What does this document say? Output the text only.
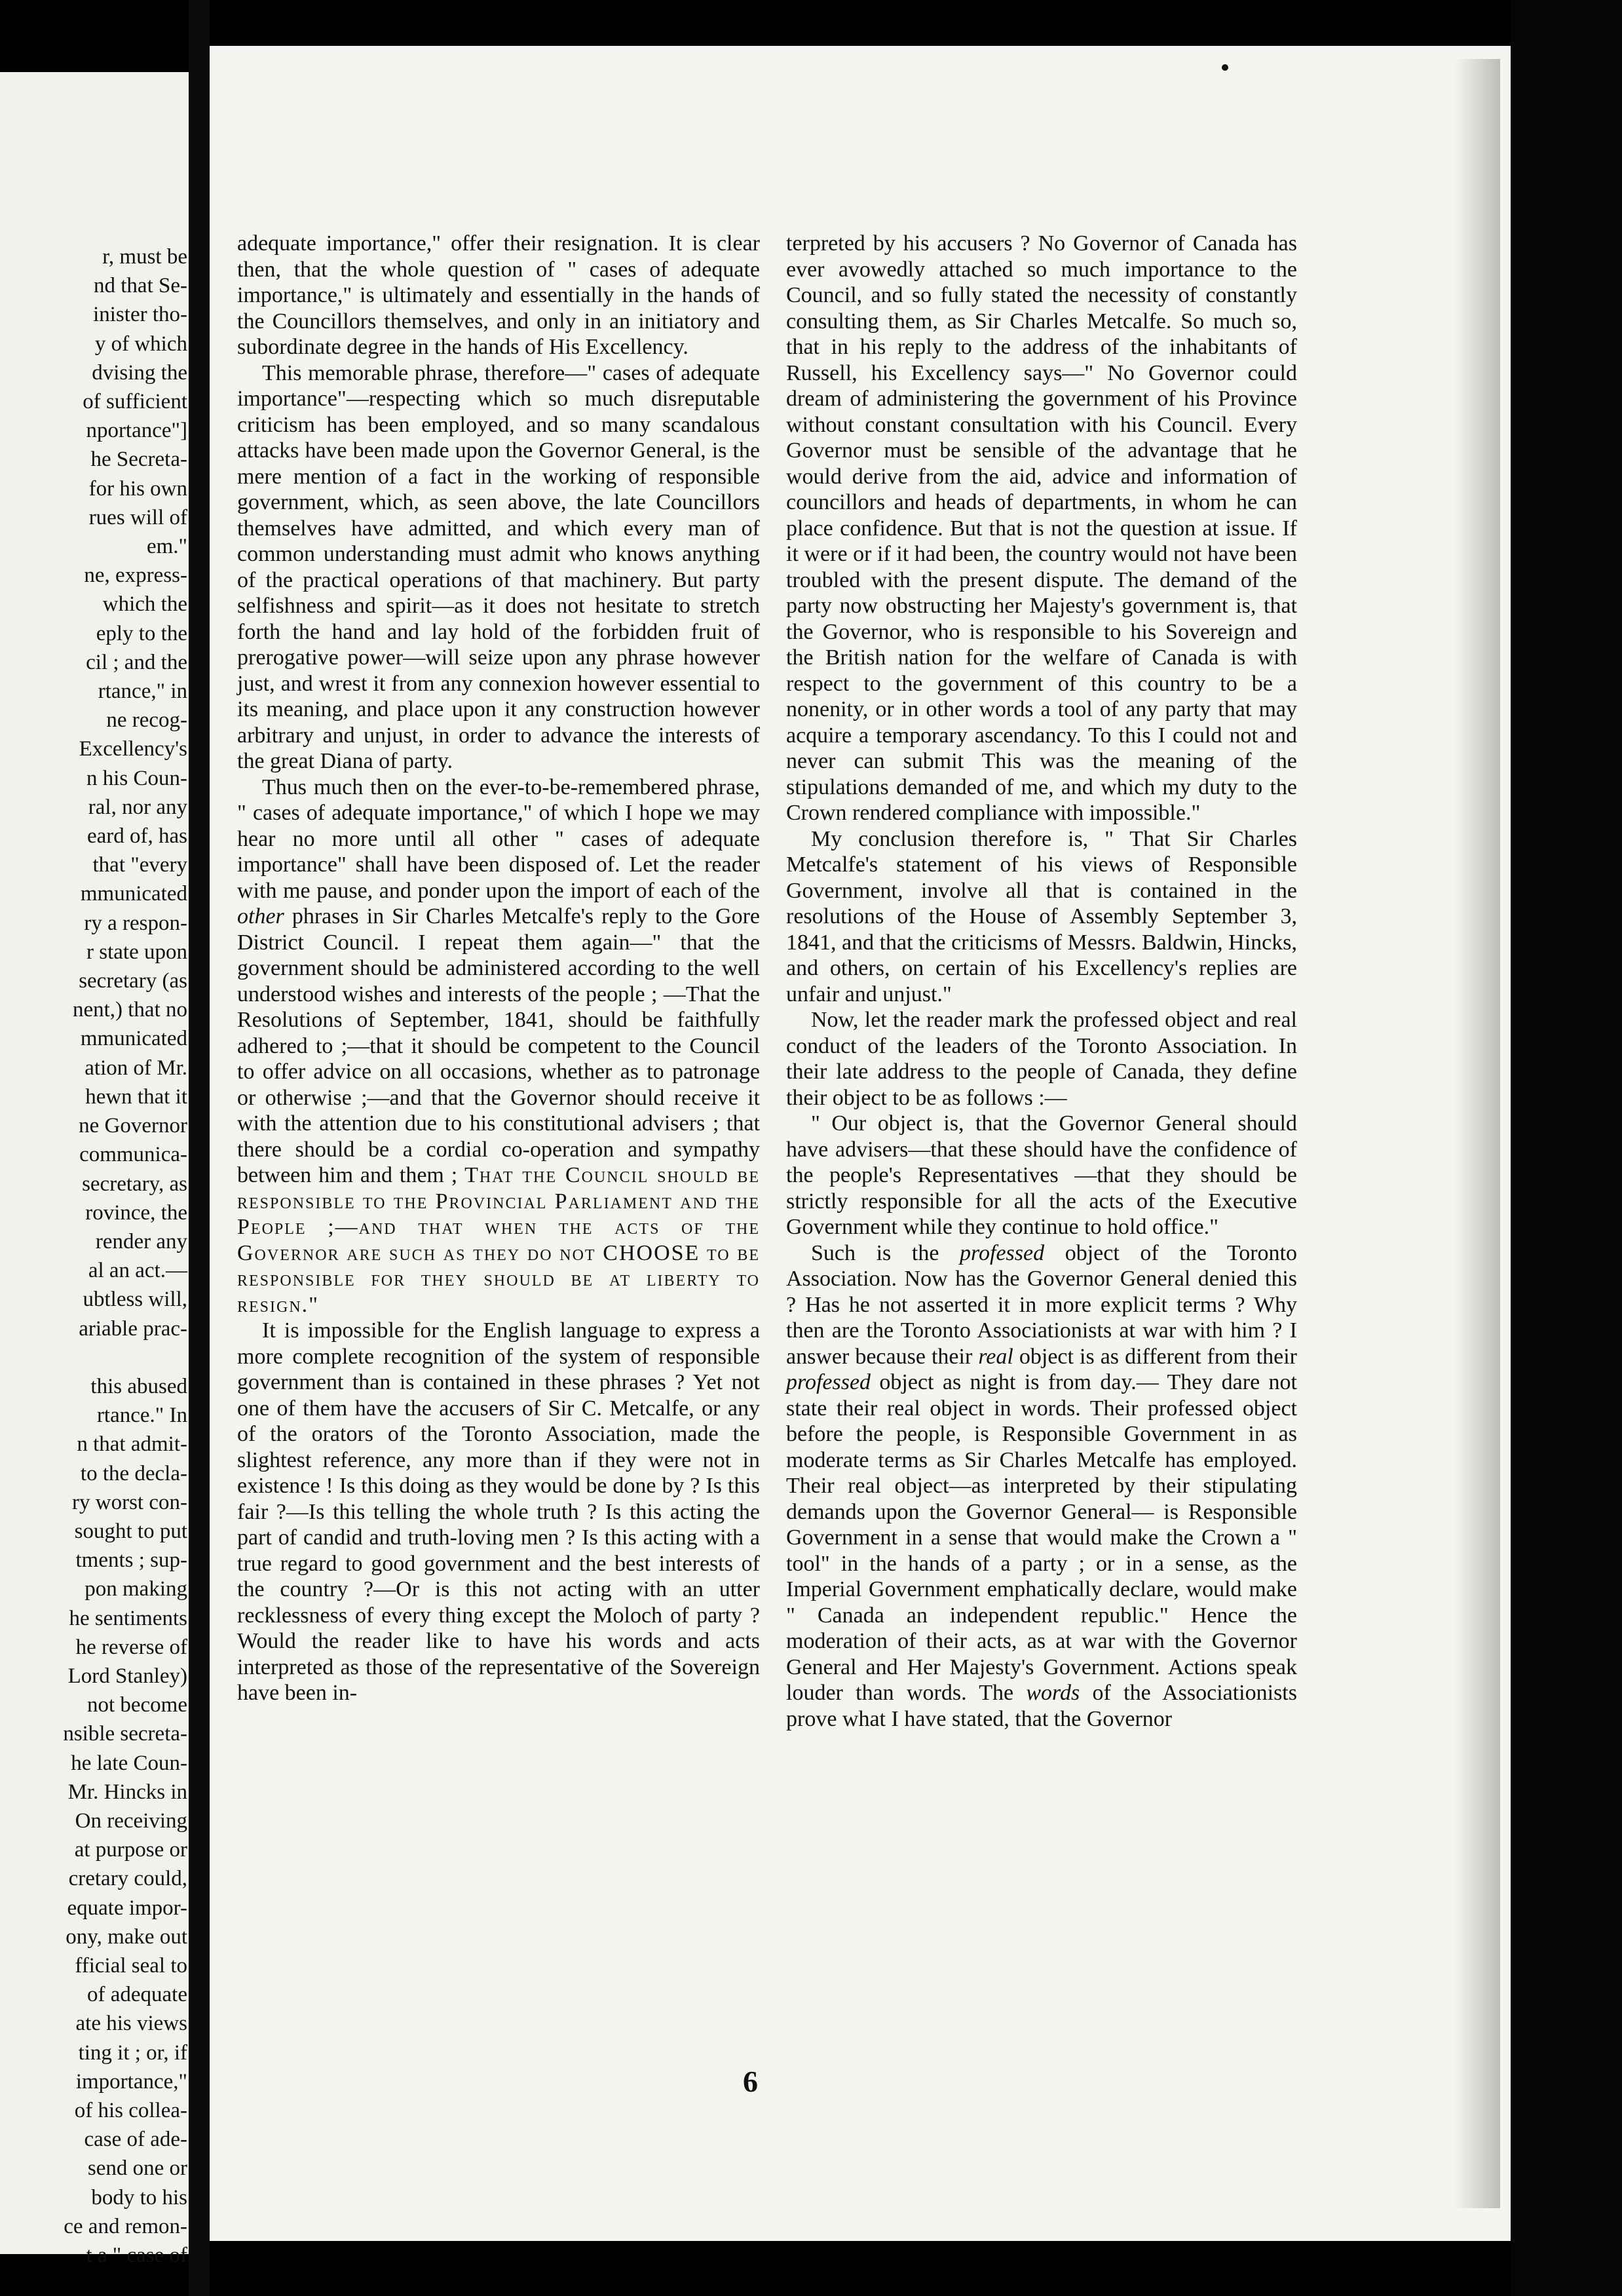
r, must be
nd that Se-
inister tho-
y of which
dvising the
of sufficient
nportance"]
he Secreta-
for his own
rues will of
em."
ne, express-
which the
eply to the
cil ; and the
rtance," in
ne recog-
Excellency's
n his Coun-
ral, nor any
eard of, has
that "every
mmunicated
ry a respon-
r state upon
secretary (as
nent,) that no
mmunicated
ation of Mr.
hewn that it
ne Governor
communica-
secretary, as
rovince, the
render any
al an act.—
ubtless will,
ariable prac-

this abused
rtance." In
n that admit-
to the decla-
ry worst con-
sought to put
tments ; sup-
pon making
he sentiments
he reverse of
Lord Stanley)
not become
nsible secreta-
he late Coun-
Mr. Hincks in
On receiving
at purpose or
cretary could,
equate impor-
ony, make out
fficial seal to
of adequate
ate his views
ting it ; or, if
importance,"
of his collea-
case of ade-
send one or
body to his
ce and remon-
t a " case of

adequate importance," offer their resignation. It is clear then, that the whole question of " cases of adequate importance," is ultimately and essentially in the hands of the Councillors themselves, and only in an initiatory and subordinate degree in the hands of His Excellency.

This memorable phrase, therefore—" cases of adequate importance"—respecting which so much disreputable criticism has been employed, and so many scandalous attacks have been made upon the Governor General, is the mere mention of a fact in the working of responsible government, which, as seen above, the late Councillors themselves have admitted, and which every man of common understanding must admit who knows anything of the practical operations of that machinery. But party selfishness and spirit—as it does not hesitate to stretch forth the hand and lay hold of the forbidden fruit of prerogative power—will seize upon any phrase however just, and wrest it from any connexion however essential to its meaning, and place upon it any construction however arbitrary and unjust, in order to advance the interests of the great Diana of party.

Thus much then on the ever-to-be-remembered phrase, " cases of adequate importance," of which I hope we may hear no more until all other " cases of adequate importance" shall have been disposed of. Let the reader with me pause, and ponder upon the import of each of the other phrases in Sir Charles Metcalfe's reply to the Gore District Council. I repeat them again—" that the government should be administered according to the well understood wishes and interests of the people ; —That the Resolutions of September, 1841, should be faithfully adhered to ;—that it should be competent to the Council to offer advice on all occasions, whether as to patronage or otherwise ;—and that the Governor should receive it with the attention due to his constitutional advisers ; that there should be a cordial co-operation and sympathy between him and them ; That the Council should be responsible to the Provincial Parliament and the People ;—and that when the acts of the Governor are such as they do not CHOOSE to be responsible for they should be at liberty to resign."

It is impossible for the English language to express a more complete recognition of the system of responsible government than is contained in these phrases ? Yet not one of them have the accusers of Sir C. Metcalfe, or any of the orators of the Toronto Association, made the slightest reference, any more than if they were not in existence ! Is this doing as they would be done by ? Is this fair ?—Is this telling the whole truth ? Is this acting the part of candid and truth-loving men ? Is this acting with a true regard to good government and the best interests of the country ?—Or is this not acting with an utter recklessness of every thing except the Moloch of party ? Would the reader like to have his words and acts interpreted as those of the representative of the Sovereign have been in-

terpreted by his accusers ? No Governor of Canada has ever avowedly attached so much importance to the Council, and so fully stated the necessity of constantly consulting them, as Sir Charles Metcalfe. So much so, that in his reply to the address of the inhabitants of Russell, his Excellency says—" No Governor could dream of administering the government of his Province without constant consultation with his Council. Every Governor must be sensible of the advantage that he would derive from the aid, advice and information of councillors and heads of departments, in whom he can place confidence. But that is not the question at issue. If it were or if it had been, the country would not have been troubled with the present dispute. The demand of the party now obstructing her Majesty's government is, that the Governor, who is responsible to his Sovereign and the British nation for the welfare of Canada is with respect to the government of this country to be a nonenity, or in other words a tool of any party that may acquire a temporary ascendancy. To this I could not and never can submit This was the meaning of the stipulations demanded of me, and which my duty to the Crown rendered compliance with impossible."

My conclusion therefore is, " That Sir Charles Metcalfe's statement of his views of Responsible Government, involve all that is contained in the resolutions of the House of Assembly September 3, 1841, and that the criticisms of Messrs. Baldwin, Hincks, and others, on certain of his Excellency's replies are unfair and unjust."

Now, let the reader mark the professed object and real conduct of the leaders of the Toronto Association. In their late address to the people of Canada, they define their object to be as follows :—

" Our object is, that the Governor General should have advisers—that these should have the confidence of the people's Representatives —that they should be strictly responsible for all the acts of the Executive Government while they continue to hold office."

Such is the professed object of the Toronto Association. Now has the Governor General denied this ? Has he not asserted it in more explicit terms ? Why then are the Toronto Associationists at war with him ? I answer because their real object is as different from their professed object as night is from day.— They dare not state their real object in words. Their professed object before the people, is Responsible Government in as moderate terms as Sir Charles Metcalfe has employed. Their real object—as interpreted by their stipulating demands upon the Governor General— is Responsible Government in a sense that would make the Crown a " tool" in the hands of a party ; or in a sense, as the Imperial Government emphatically declare, would make " Canada an independent republic." Hence the moderation of their acts, as at war with the Governor General and Her Majesty's Government. Actions speak louder than words. The words of the Associationists prove what I have stated, that the Governor

6
